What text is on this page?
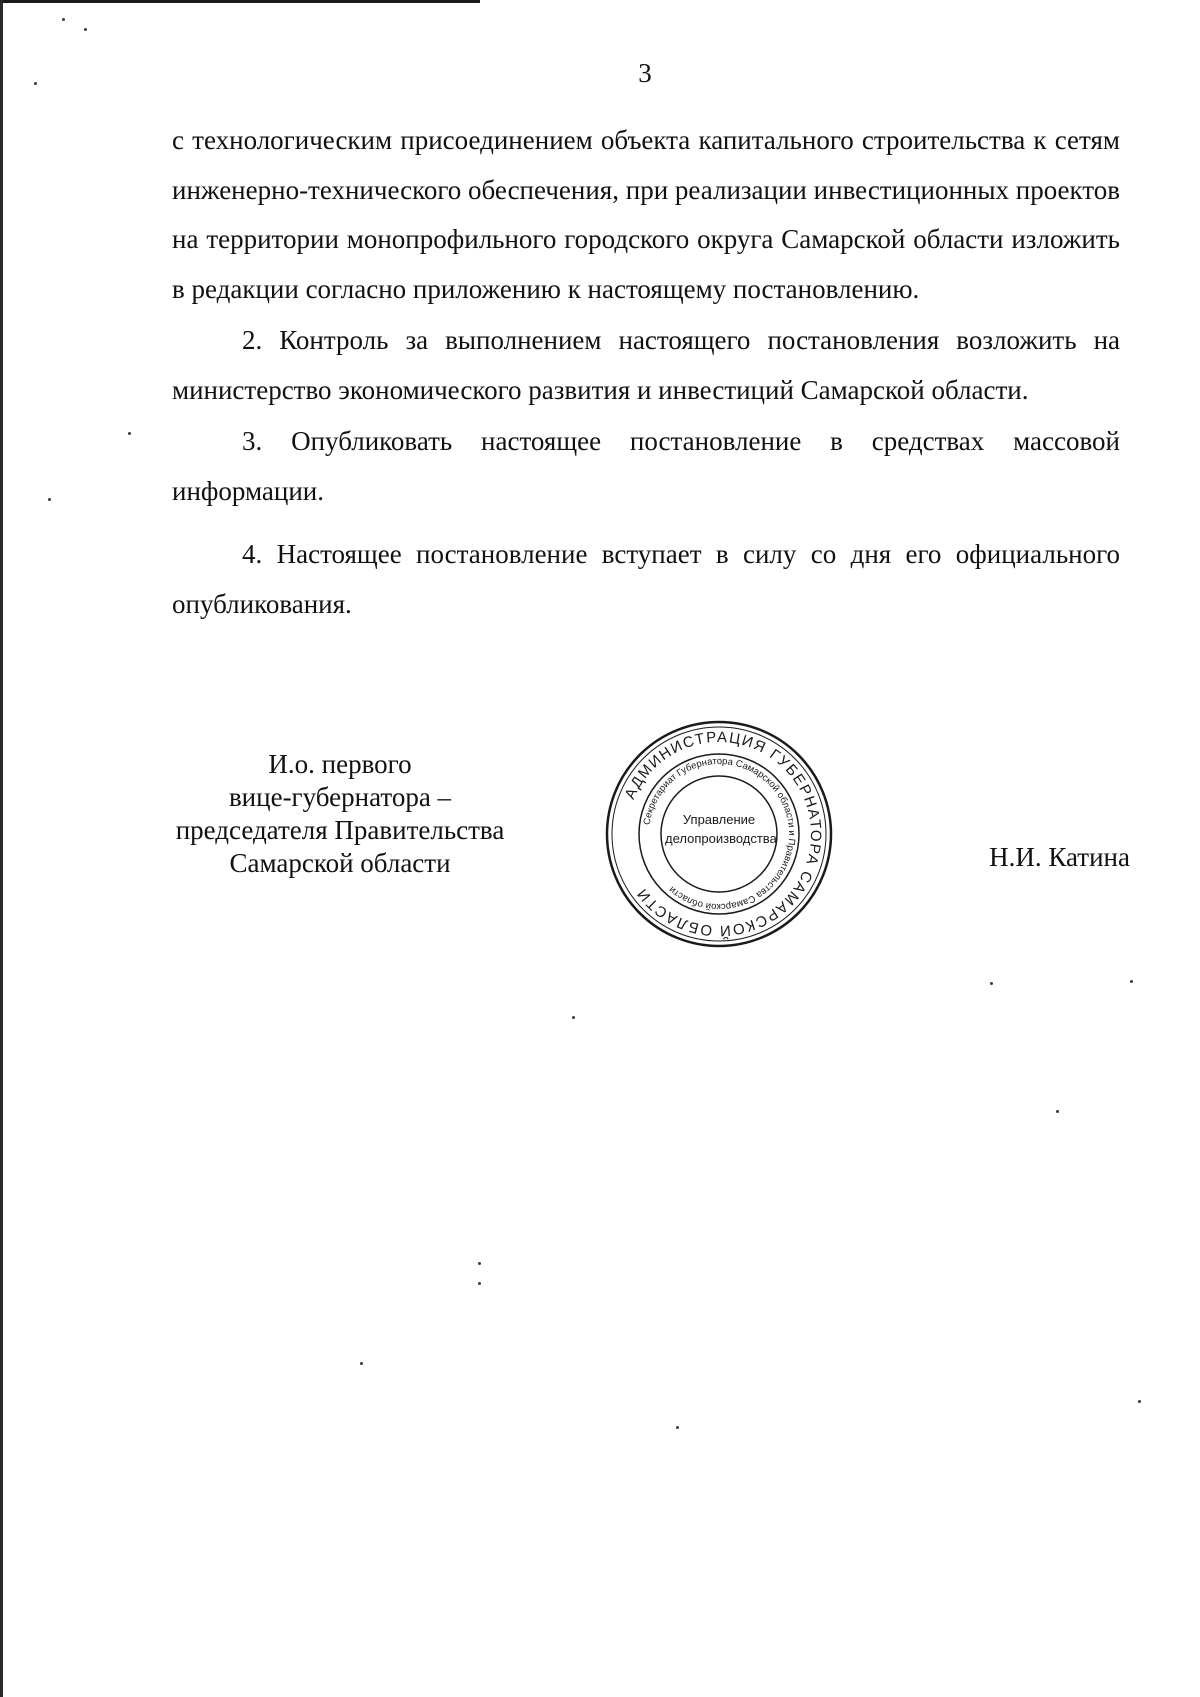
3

с технологическим присоединением объекта капитального строительства к сетям инженерно-технического обеспечения, при реализации инвестиционных проектов на территории монопрофильного городского округа Самарской области изложить в редакции согласно приложению к настоящему постановлению.

2. Контроль за выполнением настоящего постановления возложить на министерство экономического развития и инвестиций Самарской области.

3. Опубликовать настоящее постановление в средствах массовой информации.

4. Настоящее постановление вступает в силу со дня его официального опубликования.

И.о. первого
вице-губернатора –
председателя Правительства
Самарской области
АДМИНИСТРАЦИЯ ГУБЕРНАТОРА САМАРСКОЙ ОБЛАСТИ
Секретариат Губернатора Самарской области и Правительства Самарской области
Управление
делопроизводства
Н.И. Катина
